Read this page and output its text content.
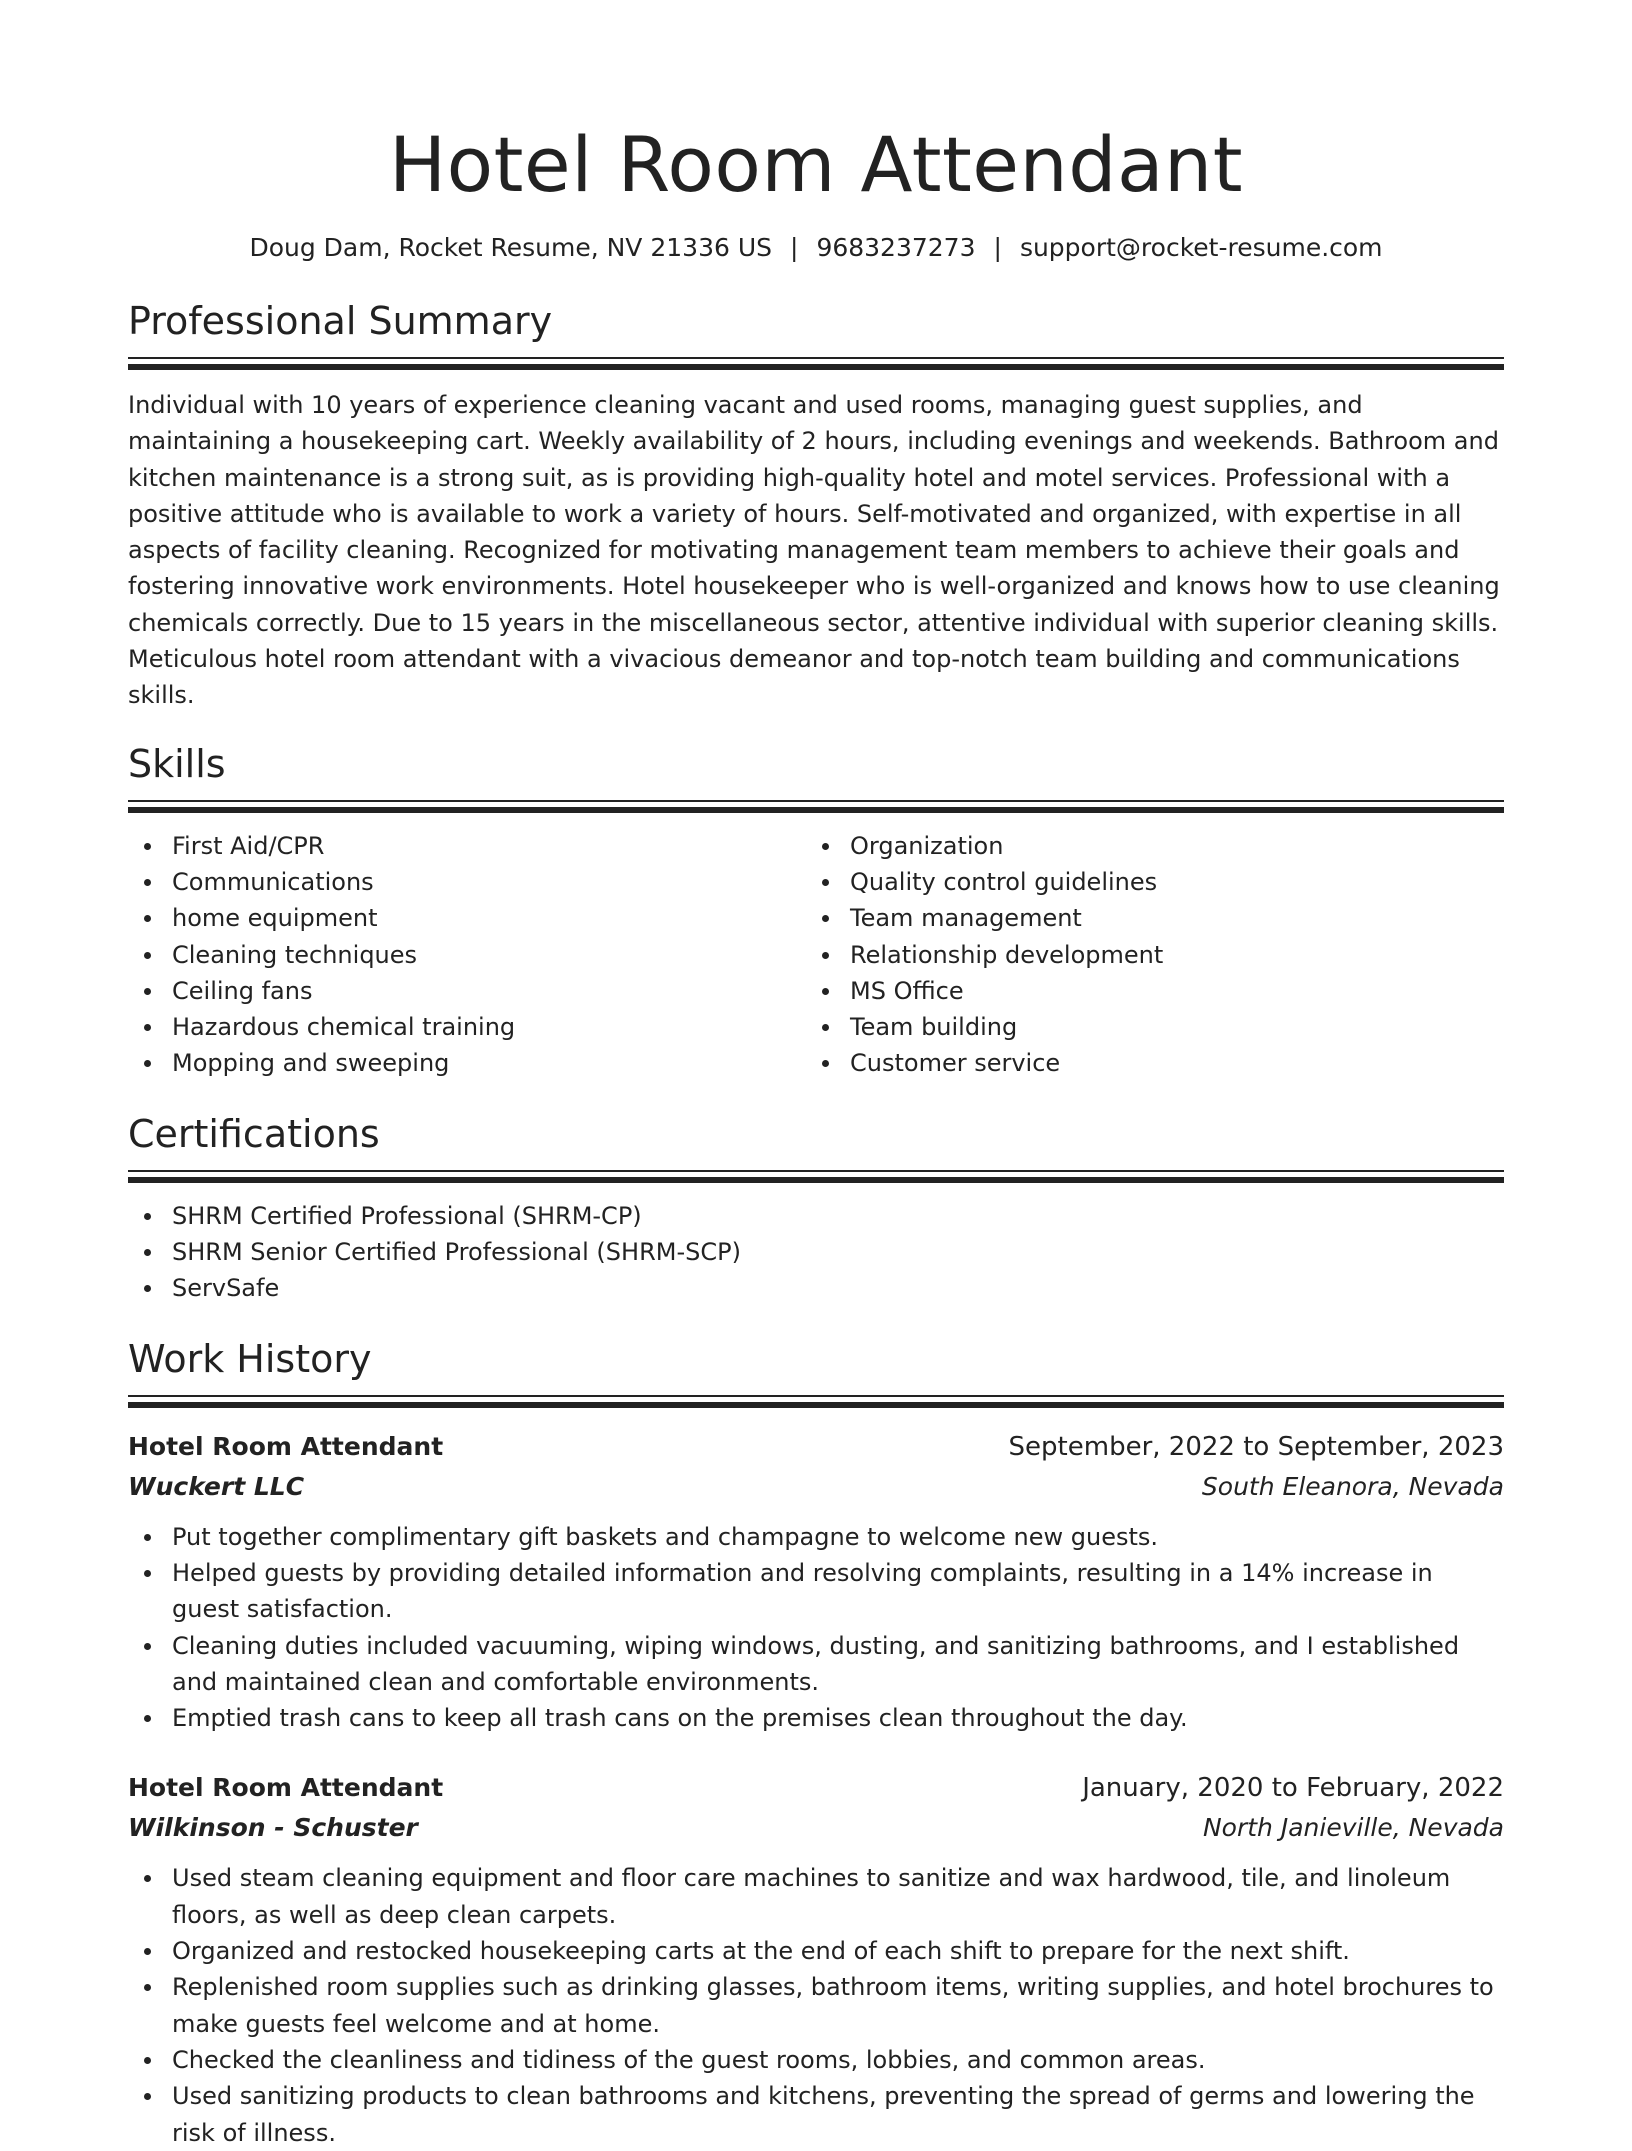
Hotel Room Attendant
Doug Dam, Rocket Resume, NV 21336 US | 9683237273 | support@rocket-resume.com
Professional Summary

Individual with 10 years of experience cleaning vacant and used rooms, managing guest supplies, and maintaining a housekeeping cart. Weekly availability of 2 hours, including evenings and weekends. Bathroom and kitchen maintenance is a strong suit, as is providing high-quality hotel and motel services. Professional with a positive attitude who is available to work a variety of hours. Self-motivated and organized, with expertise in all aspects of facility cleaning. Recognized for motivating management team members to achieve their goals and fostering innovative work environments. Hotel housekeeper who is well-organized and knows how to use cleaning chemicals correctly. Due to 15 years in the miscellaneous sector, attentive individual with superior cleaning skills. Meticulous hotel room attendant with a vivacious demeanor and top-notch team building and communications skills.

Skills
First Aid/CPR
Communications
home equipment
Cleaning techniques
Ceiling fans
Hazardous chemical training
Mopping and sweeping
Organization
Quality control guidelines
Team management
Relationship development
MS Office
Team building
Customer service
Certifications
SHRM Certified Professional (SHRM-CP)
SHRM Senior Certified Professional (SHRM-SCP)
ServSafe
Work History
Hotel Room Attendant	September, 2022 to September, 2023
Wuckert LLC	South Eleanora, Nevada
Put together complimentary gift baskets and champagne to welcome new guests.
Helped guests by providing detailed information and resolving complaints, resulting in a 14% increase in guest satisfaction.
Cleaning duties included vacuuming, wiping windows, dusting, and sanitizing bathrooms, and I established and maintained clean and comfortable environments.
Emptied trash cans to keep all trash cans on the premises clean throughout the day.
Hotel Room Attendant	January, 2020 to February, 2022
Wilkinson - Schuster	North Janieville, Nevada
Used steam cleaning equipment and floor care machines to sanitize and wax hardwood, tile, and linoleum floors, as well as deep clean carpets.
Organized and restocked housekeeping carts at the end of each shift to prepare for the next shift.
Replenished room supplies such as drinking glasses, bathroom items, writing supplies, and hotel brochures to make guests feel welcome and at home.
Checked the cleanliness and tidiness of the guest rooms, lobbies, and common areas.
Used sanitizing products to clean bathrooms and kitchens, preventing the spread of germs and lowering the risk of illness.
